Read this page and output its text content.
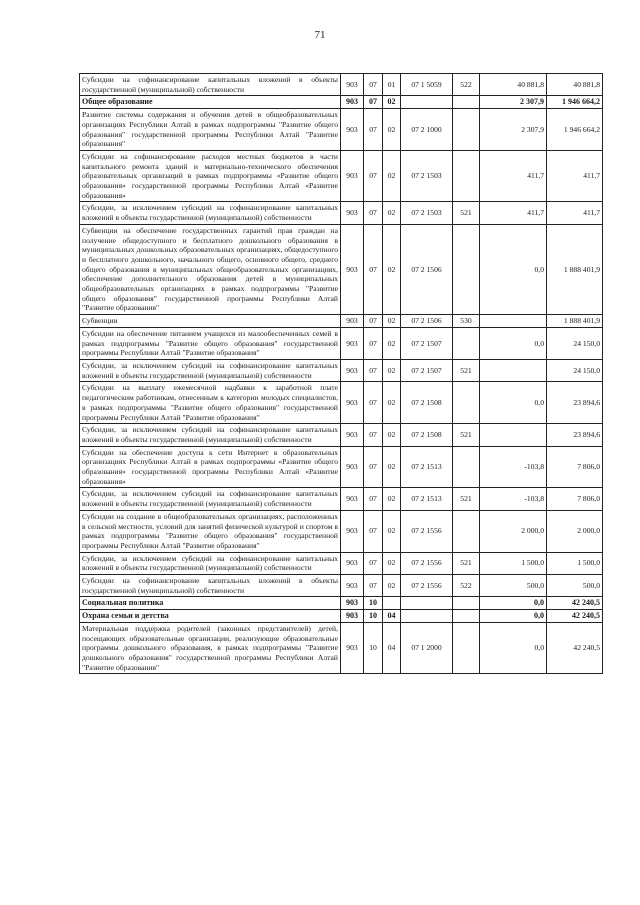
71
Субсидии на софинансирование капитальных вложений в объекты государственной (муниципальной) собственности	903	07	01	07 1 5059	522	40 881,8	40 881,8
Общее образование	903	07	02			2 307,9	1 946 664,2
Развитие системы содержания и обучения детей в общеобразовательных организациях Республики Алтай в рамках подпрограммы "Развитие общего образования" государственной программы Республики Алтай "Развитие образования"	903	07	02	07 2 1000		2 307,9	1 946 664,2
Субсидии на софинансирование расходов местных бюджетов в части капитального ремонта зданий и материально-технического обеспечения образовательных организаций в рамках подпрограммы «Развитие общего образования» государственной программы Республики Алтай «Развитие образования»	903	07	02	07 2 1503		411,7	411,7
Субсидии, за исключением субсидий на софинансирование капитальных вложений в объекты государственной (муниципальной) собственности	903	07	02	07 2 1503	521	411,7	411,7
Субвенции на обеспечение государственных гарантий прав граждан на получение общедоступного и бесплатного дошкольного образования в муниципальных дошкольных образовательных организациях, общедоступного и бесплатного дошкольного, начального общего, основного общего, среднего общего образования в муниципальных общеобразовательных организациях, обеспечение дополнительного образования детей в муниципальных общеобразовательных организациях в рамках подпрограммы "Развитие общего образования" государственной программы Республики Алтай "Развитие образования"	903	07	02	07 2 1506		0,0	1 888 401,9
Субвенции	903	07	02	07 2 1506	530		1 888 401,9
Субсидии на обеспечение питанием учащихся из малообеспеченных семей в рамках подпрограммы "Развитие общего образования" государственной программы Республики Алтай "Развитие образования"	903	07	02	07 2 1507		0,0	24 150,0
Субсидии, за исключением субсидий на софинансирование капитальных вложений в объекты государственной (муниципальной) собственности	903	07	02	07 2 1507	521		24 150,0
Субсидии на выплату ежемесячной надбавки к заработной плате педагогическим работникам, отнесенным к категории молодых специалистов, в рамках подпрограммы "Развитие общего образования" государственной программы Республики Алтай "Развитие образования"	903	07	02	07 2 1508		0,0	23 894,6
Субсидии, за исключением субсидий на софинансирование капитальных вложений в объекты государственной (муниципальной) собственности	903	07	02	07 2 1508	521		23 894,6
Субсидии на обеспечение доступа к сети Интернет в образовательных организациях Республики Алтай в рамках подпрограммы «Развитие общего образования» государственной программы Республики Алтай «Развитие образования»	903	07	02	07 2 1513		-103,8	7 806,0
Субсидии, за исключением субсидий на софинансирование капитальных вложений в объекты государственной (муниципальной) собственности	903	07	02	07 2 1513	521	-103,8	7 806,0
Субсидии на создание в общеобразовательных организациях, расположенных в сельской местности, условий для занятий физической культурой и спортом в рамках подпрограммы "Развитие общего образования" государственной программы Республики Алтай "Развитие образования"	903	07	02	07 2 1556		2 000,0	2 000,0
Субсидии, за исключением субсидий на софинансирование капитальных вложений в объекты государственной (муниципальной) собственности	903	07	02	07 2 1556	521	1 500,0	1 500,0
Субсидии на софинансирование капитальных вложений в объекты государственной (муниципальной) собственности	903	07	02	07 2 1556	522	500,0	500,0
Социальная политика	903	10				0,0	42 240,5
Охрана семьи и детства	903	10	04			0,0	42 240,5
Материальная поддержка родителей (законных представителей) детей, посещающих образовательные организации, реализующие образовательные программы дошкольного образования, в рамках подпрограммы "Развитие дошкольного образования" государственной программы Республики Алтай "Развитие образования"	903	10	04	07 1 2000		0,0	42 240,5
